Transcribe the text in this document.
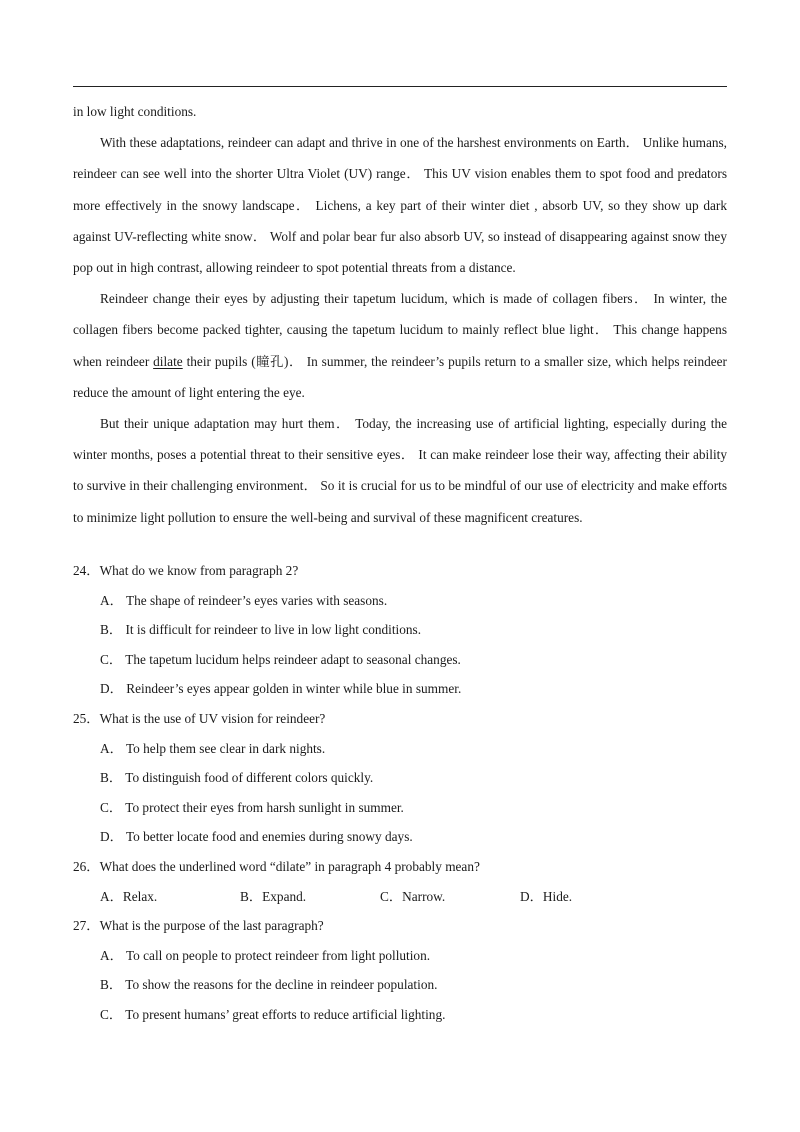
in low light conditions.

With these adaptations, reindeer can adapt and thrive in one of the harshest environments on Earth． Unlike humans, reindeer can see well into the shorter Ultra Violet (UV) range． This UV vision enables them to spot food and predators more effectively in the snowy landscape． Lichens, a key part of their winter diet , absorb UV, so they show up dark against UV-reflecting white snow． Wolf and polar bear fur also absorb UV, so instead of disappearing against snow they pop out in high contrast, allowing reindeer to spot potential threats from a distance.

Reindeer change their eyes by adjusting their tapetum lucidum, which is made of collagen fibers． In winter, the collagen fibers become packed tighter, causing the tapetum lucidum to mainly reflect blue light． This change happens when reindeer dilate their pupils (瞳孔)． In summer, the reindeer’s pupils return to a smaller size, which helps reindeer reduce the amount of light entering the eye.

But their unique adaptation may hurt them． Today, the increasing use of artificial lighting, especially during the winter months, poses a potential threat to their sensitive eyes． It can make reindeer lose their way, affecting their ability to survive in their challenging environment． So it is crucial for us to be mindful of our use of electricity and make efforts to minimize light pollution to ensure the well-being and survival of these magnificent creatures.

24．What do we know from paragraph 2?

A． The shape of reindeer’s eyes varies with seasons.

B． It is difficult for reindeer to live in low light conditions.

C． The tapetum lucidum helps reindeer adapt to seasonal changes.

D． Reindeer’s eyes appear golden in winter while blue in summer.

25．What is the use of UV vision for reindeer?

A． To help them see clear in dark nights.

B． To distinguish food of different colors quickly.

C． To protect their eyes from harsh sunlight in summer.

D． To better locate food and enemies during snowy days.

26．What does the underlined word “dilate” in paragraph 4 probably mean?

A．Relax.	B．Expand.	C．Narrow.	D．Hide.

27．What is the purpose of the last paragraph?

A． To call on people to protect reindeer from light pollution.

B． To show the reasons for the decline in reindeer population.

C． To present humans’ great efforts to reduce artificial lighting.
